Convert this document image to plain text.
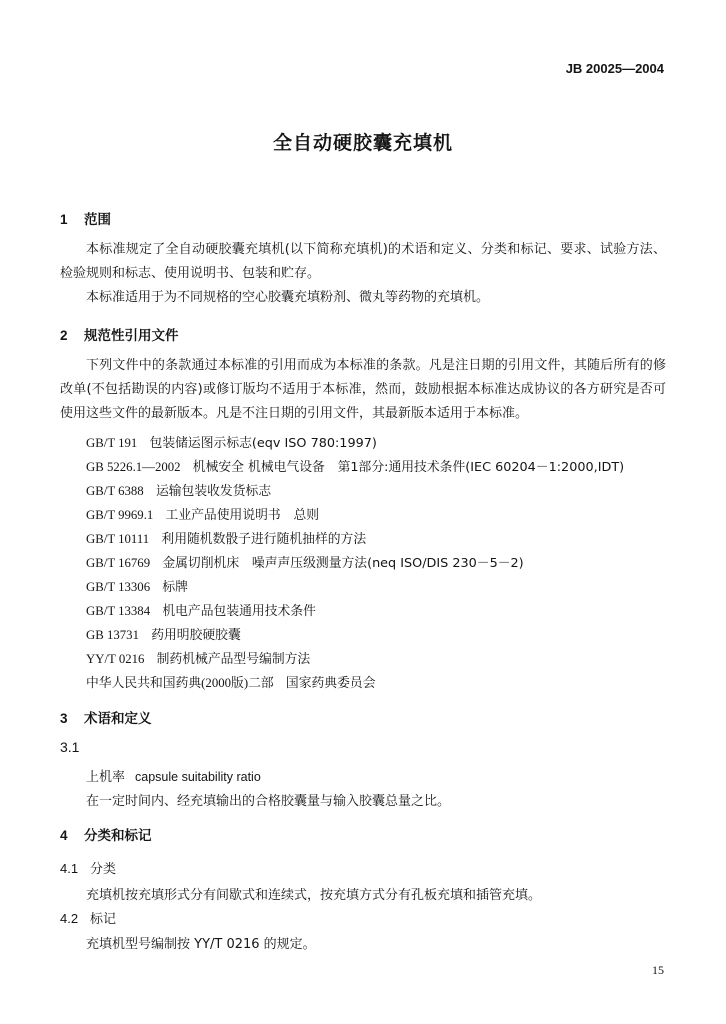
JB 20025—2004
全自动硬胶囊充填机
1 范围
本标准规定了全自动硬胶囊充填机(以下简称充填机)的术语和定义、分类和标记、要求、试验方法、检验规则和标志、使用说明书、包装和贮存。
本标准适用于为不同规格的空心胶囊充填粉剂、微丸等药物的充填机。
2 规范性引用文件
下列文件中的条款通过本标准的引用而成为本标准的条款。凡是注日期的引用文件，其随后所有的修改单(不包括勘误的内容)或修订版均不适用于本标准，然而，鼓励根据本标准达成协议的各方研究是否可使用这些文件的最新版本。凡是不注日期的引用文件，其最新版本适用于本标准。
GB/T 191 包装储运图示标志(eqv ISO 780:1997)
GB 5226.1—2002 机械安全 机械电气设备　第1部分:通用技术条件(IEC 60204－1:2000,IDT)
GB/T 6388 运输包装收发货标志
GB/T 9969.1 工业产品使用说明书　总则
GB/T 10111 利用随机数骰子进行随机抽样的方法
GB/T 16769 金属切削机床　噪声声压级测量方法(neq ISO/DIS 230－5－2)
GB/T 13306 标牌
GB/T 13384 机电产品包装通用技术条件
GB 13731 药用明胶硬胶囊
YY/T 0216 制药机械产品型号编制方法
中华人民共和国药典(2000版)二部 国家药典委员会
3 术语和定义
3.1
上机率 capsule suitability ratio
在一定时间内、经充填输出的合格胶囊量与输入胶囊总量之比。
4 分类和标记
4.1 分类
充填机按充填形式分有间歇式和连续式，按充填方式分有孔板充填和插管充填。
4.2 标记
充填机型号编制按 YY/T 0216 的规定。
15
